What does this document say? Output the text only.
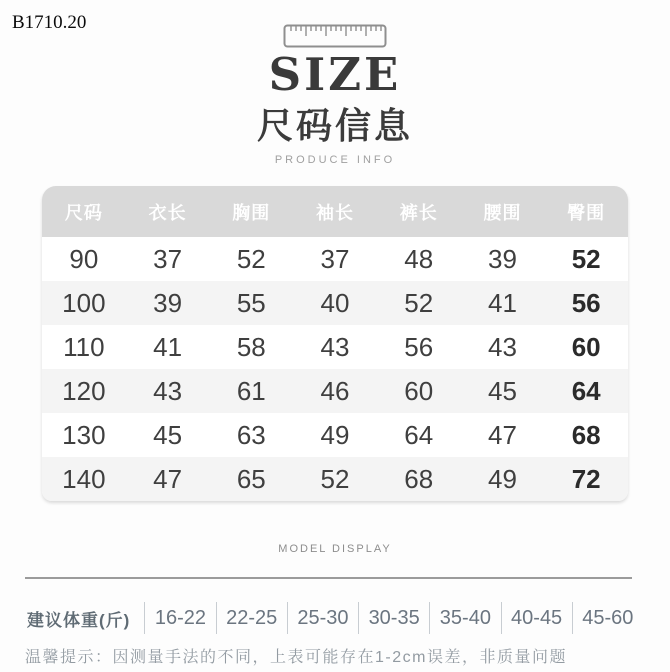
B1710.20
SIZE
尺码信息
PRODUCE INFO
尺码	衣长	胸围	袖长	裤长	腰围	臀围
90	37	52	37	48	39	52
100	39	55	40	52	41	56
110	41	58	43	56	43	60
120	43	61	46	60	45	64
130	45	63	49	64	47	68
140	47	65	52	68	49	72
MODEL DISPLAY
建议体重(斤)	16-22	22-25	25-30	30-35	35-40	40-45	45-60
温馨提示：因测量手法的不同，上表可能存在1-2cm误差，非质量问题
